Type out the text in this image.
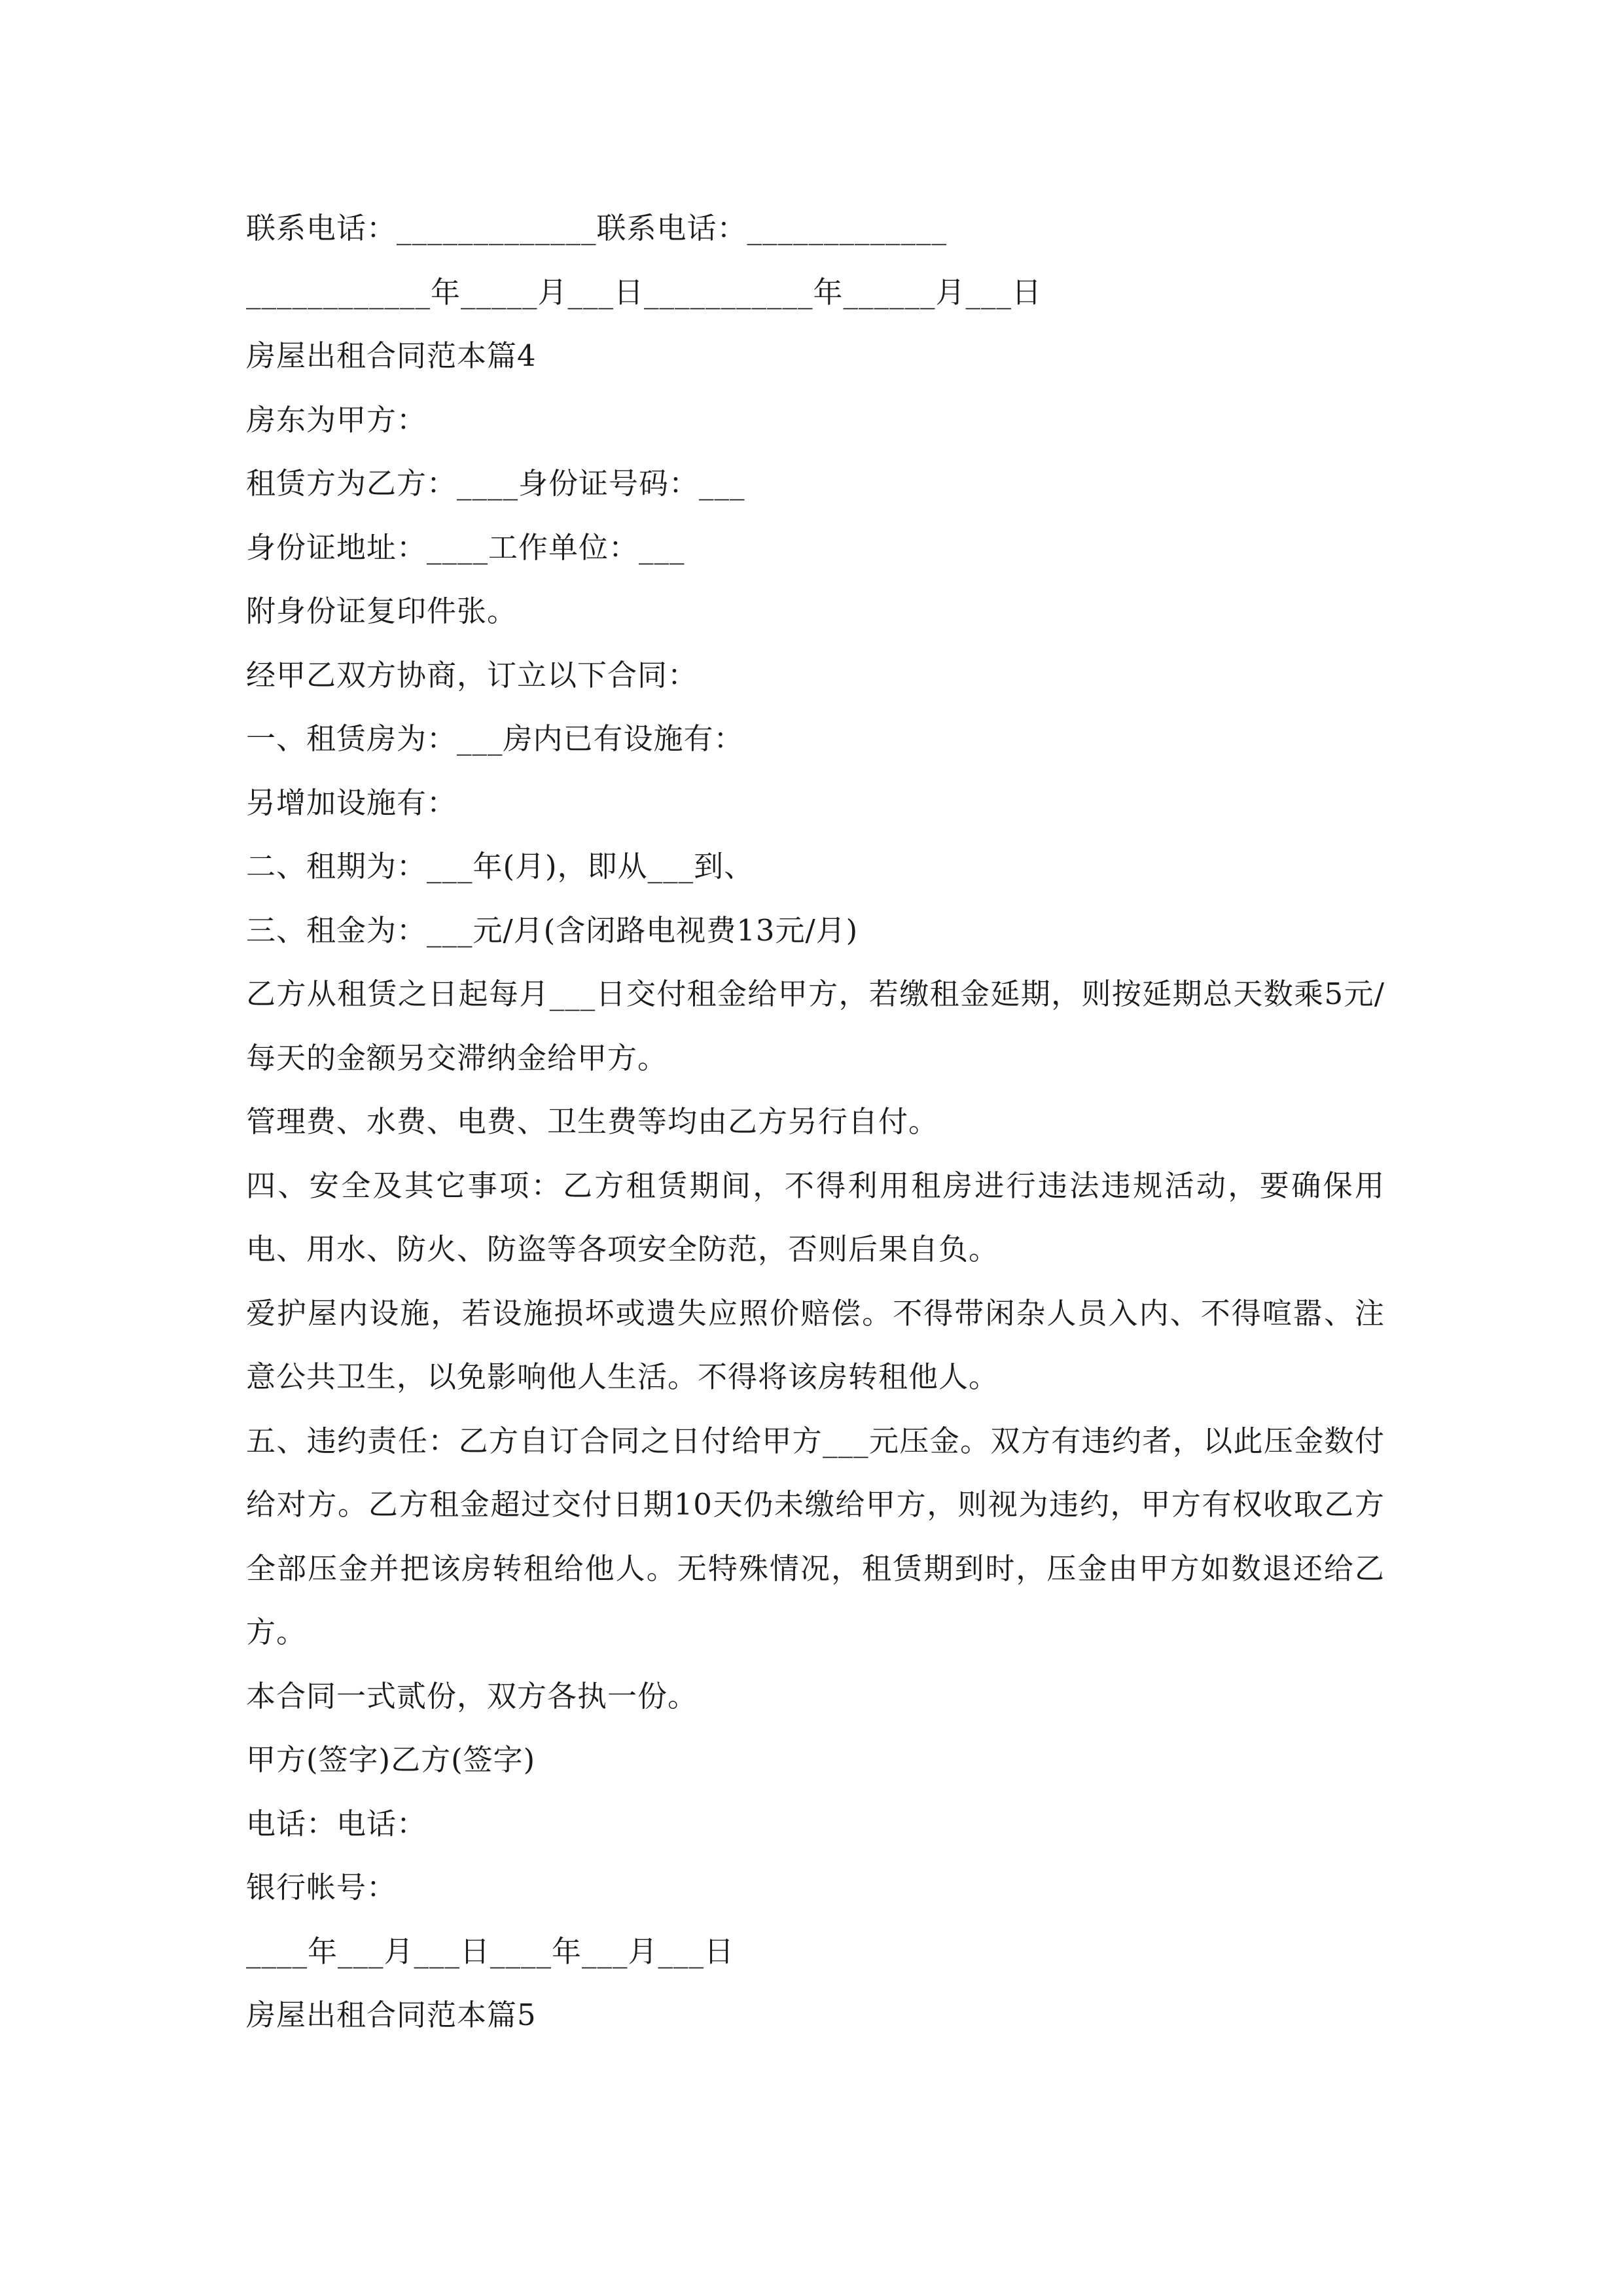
联系电话：_____________联系电话：_____________
____________年_____月___日___________年______月___日
房屋出租合同范本篇4
房东为甲方：
租赁方为乙方：____身份证号码：___
身份证地址：____工作单位：___
附身份证复印件张。
经甲乙双方协商，订立以下合同：
一、租赁房为：___房内已有设施有：
另增加设施有：
二、租期为：___年(月)，即从___到、
三、租金为：___元/月(含闭路电视费13元/月)
乙方从租赁之日起每月___日交付租金给甲方，若缴租金延期，则按延期总天数乘5元/每天的金额另交滞纳金给甲方。
管理费、水费、电费、卫生费等均由乙方另行自付。
四、安全及其它事项：乙方租赁期间，不得利用租房进行违法违规活动，要确保用电、用水、防火、防盗等各项安全防范，否则后果自负。
爱护屋内设施，若设施损坏或遗失应照价赔偿。不得带闲杂人员入内、不得喧嚣、注意公共卫生，以免影响他人生活。不得将该房转租他人。
五、违约责任：乙方自订合同之日付给甲方___元压金。双方有违约者，以此压金数付给对方。乙方租金超过交付日期10天仍未缴给甲方，则视为违约，甲方有权收取乙方全部压金并把该房转租给他人。无特殊情况，租赁期到时，压金由甲方如数退还给乙方。
本合同一式贰份，双方各执一份。
甲方(签字)乙方(签字)
电话：电话：
银行帐号：
____年___月___日____年___月___日
房屋出租合同范本篇5
